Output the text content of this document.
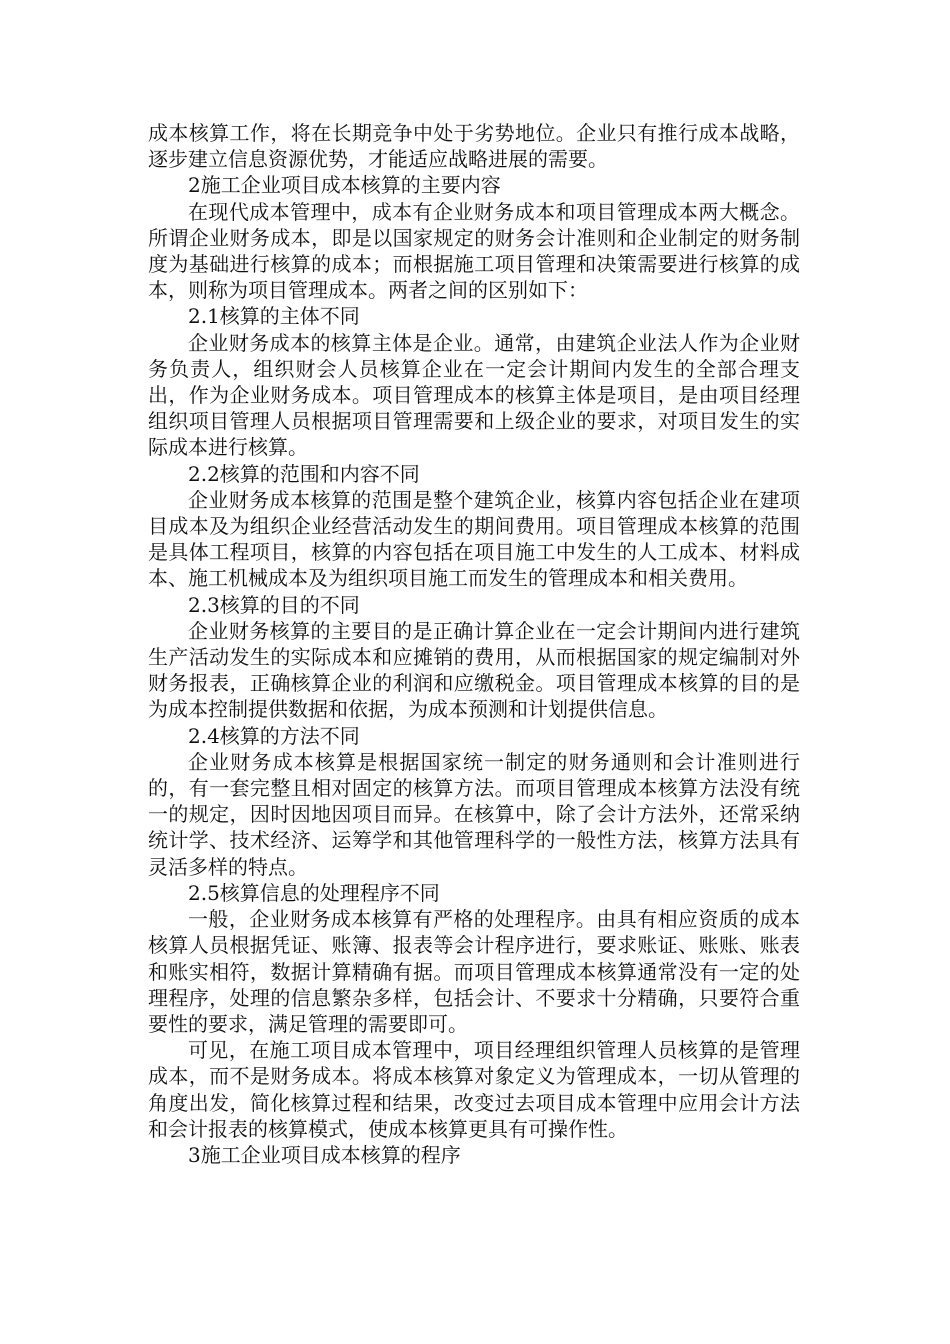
成本核算工作，将在长期竞争中处于劣势地位。企业只有推行成本战略，逐步建立信息资源优势，才能适应战略进展的需要。

2施工企业项目成本核算的主要内容

在现代成本管理中，成本有企业财务成本和项目管理成本两大概念。所谓企业财务成本，即是以国家规定的财务会计准则和企业制定的财务制度为基础进行核算的成本；而根据施工项目管理和决策需要进行核算的成本，则称为项目管理成本。两者之间的区别如下：

2.1核算的主体不同

企业财务成本的核算主体是企业。通常，由建筑企业法人作为企业财务负责人，组织财会人员核算企业在一定会计期间内发生的全部合理支出，作为企业财务成本。项目管理成本的核算主体是项目，是由项目经理组织项目管理人员根据项目管理需要和上级企业的要求，对项目发生的实际成本进行核算。

2.2核算的范围和内容不同

企业财务成本核算的范围是整个建筑企业，核算内容包括企业在建项目成本及为组织企业经营活动发生的期间费用。项目管理成本核算的范围是具体工程项目，核算的内容包括在项目施工中发生的人工成本、材料成本、施工机械成本及为组织项目施工而发生的管理成本和相关费用。

2.3核算的目的不同

企业财务核算的主要目的是正确计算企业在一定会计期间内进行建筑生产活动发生的实际成本和应摊销的费用，从而根据国家的规定编制对外财务报表，正确核算企业的利润和应缴税金。项目管理成本核算的目的是为成本控制提供数据和依据，为成本预测和计划提供信息。

2.4核算的方法不同

企业财务成本核算是根据国家统一制定的财务通则和会计准则进行的，有一套完整且相对固定的核算方法。而项目管理成本核算方法没有统一的规定，因时因地因项目而异。在核算中，除了会计方法外，还常采纳统计学、技术经济、运筹学和其他管理科学的一般性方法，核算方法具有灵活多样的特点。

2.5核算信息的处理程序不同

一般，企业财务成本核算有严格的处理程序。由具有相应资质的成本核算人员根据凭证、账簿、报表等会计程序进行，要求账证、账账、账表和账实相符，数据计算精确有据。而项目管理成本核算通常没有一定的处理程序，处理的信息繁杂多样，包括会计、不要求十分精确，只要符合重要性的要求，满足管理的需要即可。

可见，在施工项目成本管理中，项目经理组织管理人员核算的是管理成本，而不是财务成本。将成本核算对象定义为管理成本，一切从管理的角度出发，简化核算过程和结果，改变过去项目成本管理中应用会计方法和会计报表的核算模式，使成本核算更具有可操作性。

3施工企业项目成本核算的程序
